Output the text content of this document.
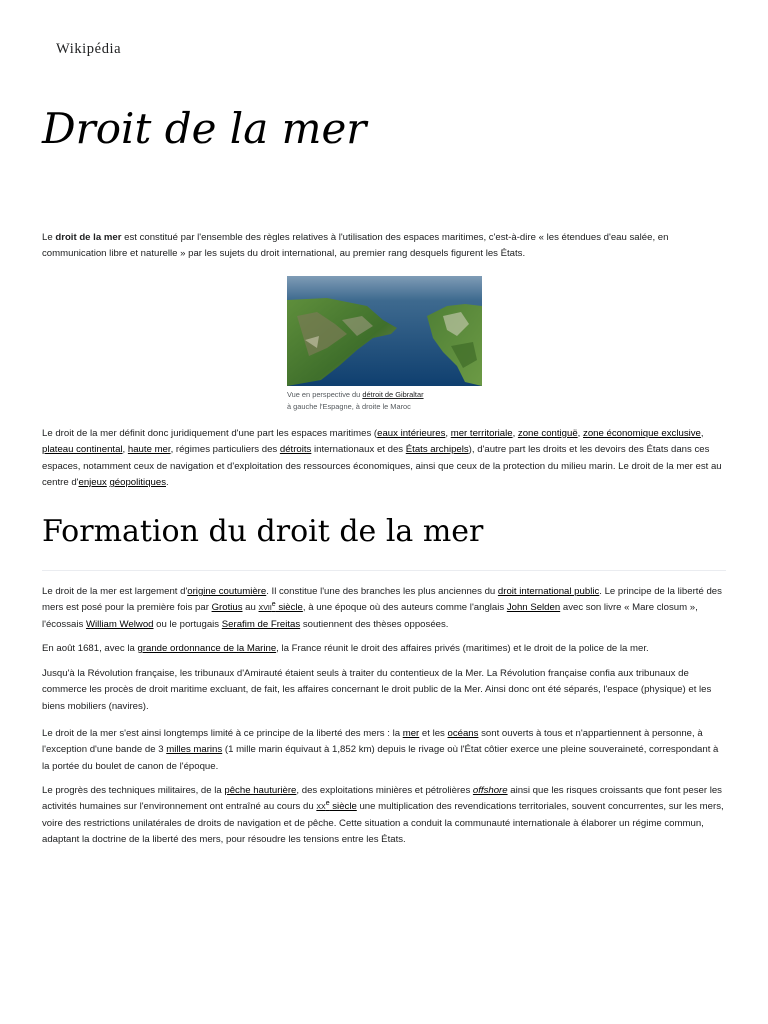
Wikipédia
Droit de la mer

Le droit de la mer est constitué par l'ensemble des règles relatives à l'utilisation des espaces maritimes, c'est-à-dire « les étendues d'eau salée, en communication libre et naturelle » par les sujets du droit international, au premier rang desquels figurent les États.

Vue en perspective du détroit de Gibraltar
à gauche l'Espagne, à droite le Maroc

Le droit de la mer définit donc juridiquement d'une part les espaces maritimes (eaux intérieures, mer territoriale, zone contiguë, zone économique exclusive, plateau continental, haute mer, régimes particuliers des détroits internationaux et des États archipels), d'autre part les droits et les devoirs des États dans ces espaces, notamment ceux de navigation et d'exploitation des ressources économiques, ainsi que ceux de la protection du milieu marin. Le droit de la mer est au centre d'enjeux géopolitiques.

Formation du droit de la mer

Le droit de la mer est largement d'origine coutumière. Il constitue l'une des branches les plus anciennes du droit international public. Le principe de la liberté des mers est posé pour la première fois par Grotius au xvii$^e$ siècle, à une époque où des auteurs comme l'anglais John Selden avec son livre « Mare closum », l'écossais William Welwod ou le portugais Serafim de Freitas soutiennent des thèses opposées.

En août 1681, avec la grande ordonnance de la Marine, la France réunit le droit des affaires privés (maritimes) et le droit de la police de la mer.

Jusqu'à la Révolution française, les tribunaux d'Amirauté étaient seuls à traiter du contentieux de la Mer. La Révolution française confia aux tribunaux de commerce les procès de droit maritime excluant, de fait, les affaires concernant le droit public de la Mer. Ainsi donc ont été séparés, l'espace (physique) et les biens mobiliers (navires).

Le droit de la mer s'est ainsi longtemps limité à ce principe de la liberté des mers : la mer et les océans sont ouverts à tous et n'appartiennent à personne, à l'exception d'une bande de 3 milles marins (1 mille marin équivaut à 1,852 km) depuis le rivage où l'État côtier exerce une pleine souveraineté, correspondant à la portée du boulet de canon de l'époque.

Le progrès des techniques militaires, de la pêche hauturière, des exploitations minières et pétrolières offshore ainsi que les risques croissants que font peser les activités humaines sur l'environnement ont entraîné au cours du $xx^e$ siècle une multiplication des revendications territoriales, souvent concurrentes, sur les mers, voire des restrictions unilatérales de droits de navigation et de pêche. Cette situation a conduit la communauté internationale à élaborer un régime commun, adaptant la doctrine de la liberté des mers, pour résoudre les tensions entre les États.
